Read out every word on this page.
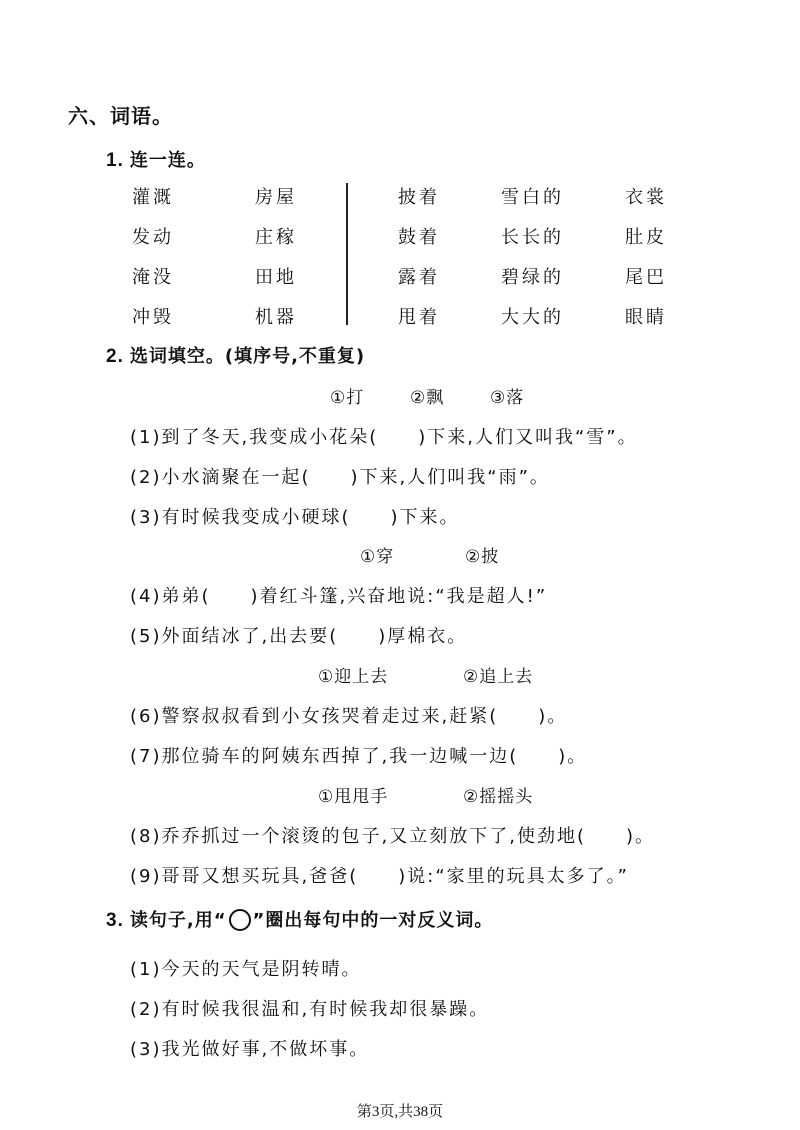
六、词语。
1. 连一连。
灌溉	房屋
发动	庄稼
淹没	田地
冲毁	机器
披着	雪白的	衣裳
鼓着	长长的	肚皮
露着	碧绿的	尾巴
甩着	大大的	眼睛
2. 选词填空。(填序号,不重复)
①打	②飘	③落
(1)到了冬天,我变成小花朵(　　)下来,人们又叫我“雪”。
(2)小水滴聚在一起(　　)下来,人们叫我“雨”。
(3)有时候我变成小硬球(　　)下来。
①穿	②披
(4)弟弟(　　)着红斗篷,兴奋地说:“我是超人!”
(5)外面结冰了,出去要(　　)厚棉衣。
①迎上去	②追上去
(6)警察叔叔看到小女孩哭着走过来,赶紧(　　)。
(7)那位骑车的阿姨东西掉了,我一边喊一边(　　)。
①甩甩手	②摇摇头
(8)乔乔抓过一个滚烫的包子,又立刻放下了,使劲地(　　)。
(9)哥哥又想买玩具,爸爸(　　)说:“家里的玩具太多了。”
3. 读句子,用“ ”圈出每句中的一对反义词。
(1)今天的天气是阴转晴。
(2)有时候我很温和,有时候我却很暴躁。
(3)我光做好事,不做坏事。
第3页,共38页
